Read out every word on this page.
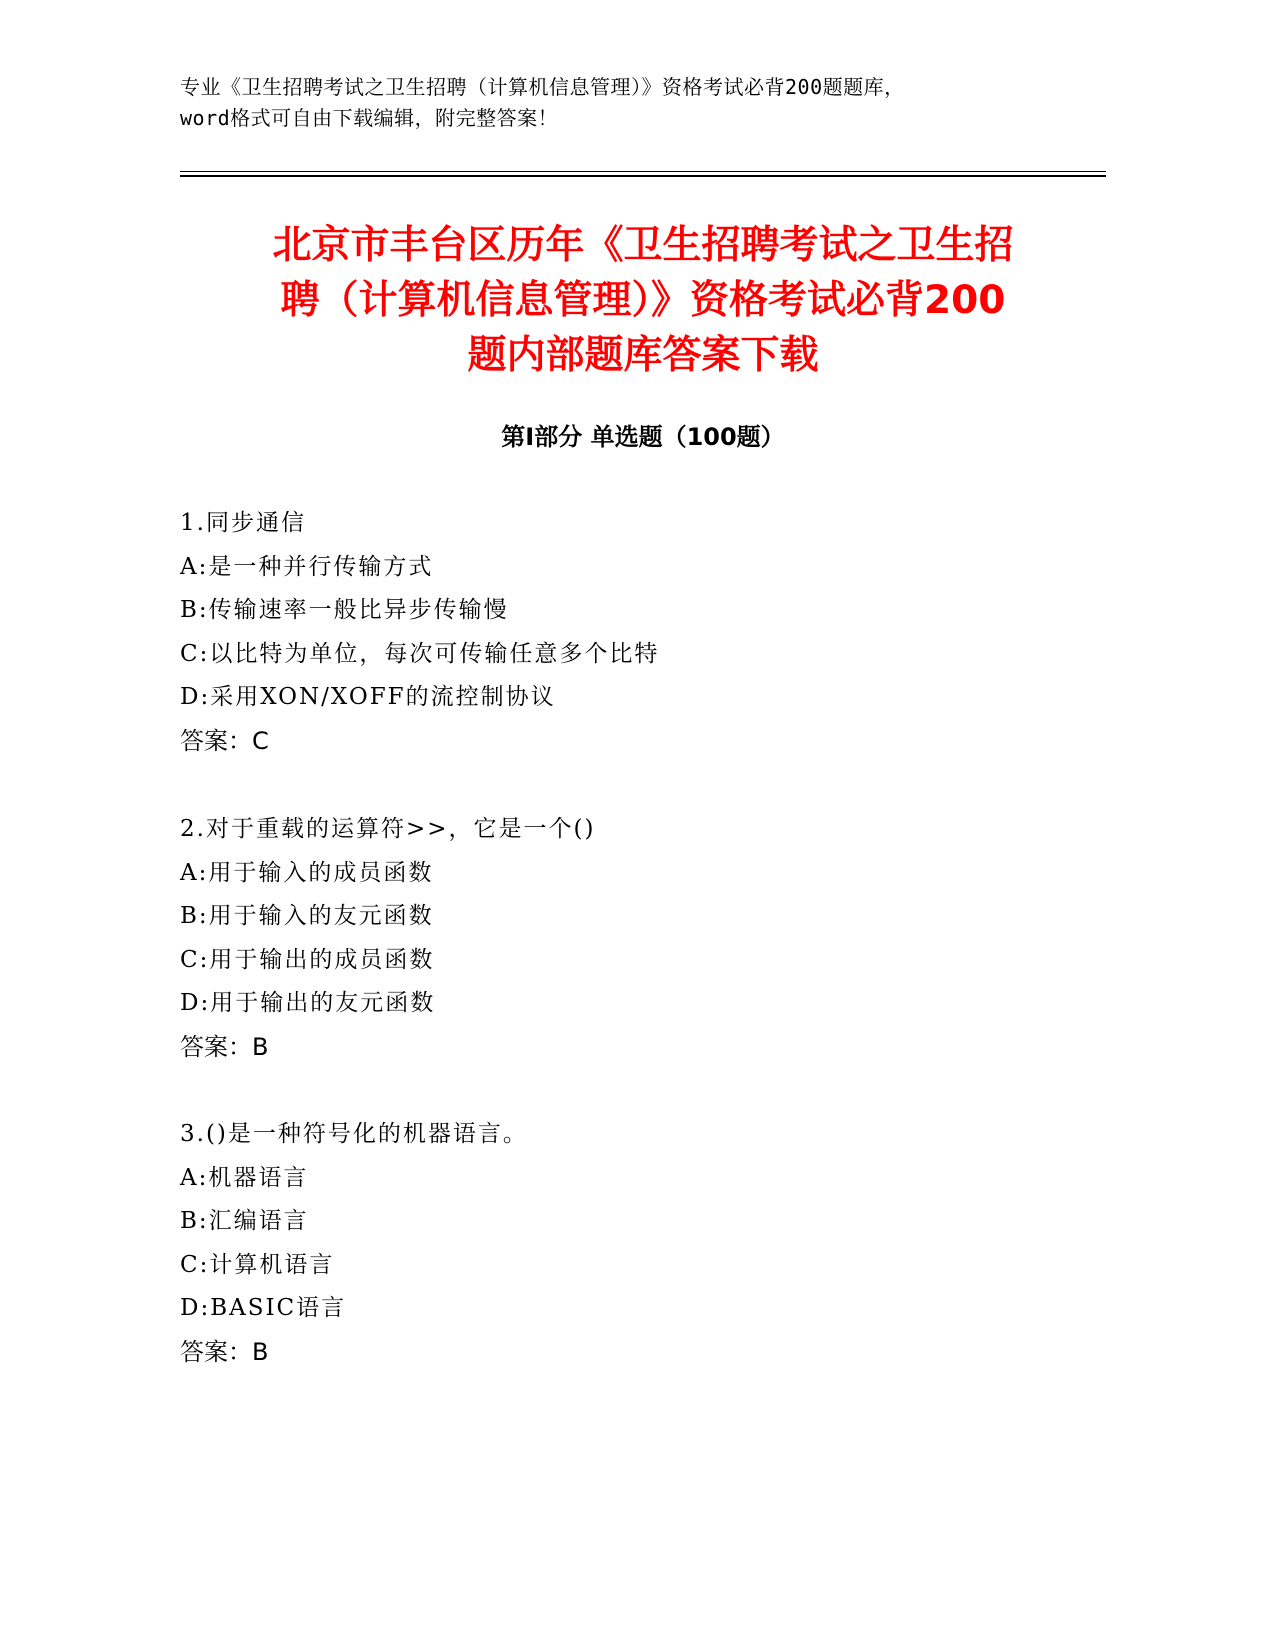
专业《卫生招聘考试之卫生招聘（计算机信息管理）》资格考试必背200题题库，
word格式可自由下载编辑，附完整答案！
北京市丰台区历年《卫生招聘考试之卫生招
聘（计算机信息管理）》资格考试必背200
题内部题库答案下载
第Ⅰ部分 单选题（100题）
1.同步通信
A:是一种并行传输方式
B:传输速率一般比异步传输慢
C:以比特为单位，每次可传输任意多个比特
D:采用XON/XOFF的流控制协议
答案：C
2.对于重载的运算符>>，它是一个()
A:用于输入的成员函数
B:用于输入的友元函数
C:用于输出的成员函数
D:用于输出的友元函数
答案：B
3.()是一种符号化的机器语言。
A:机器语言
B:汇编语言
C:计算机语言
D:BASIC语言
答案：B
